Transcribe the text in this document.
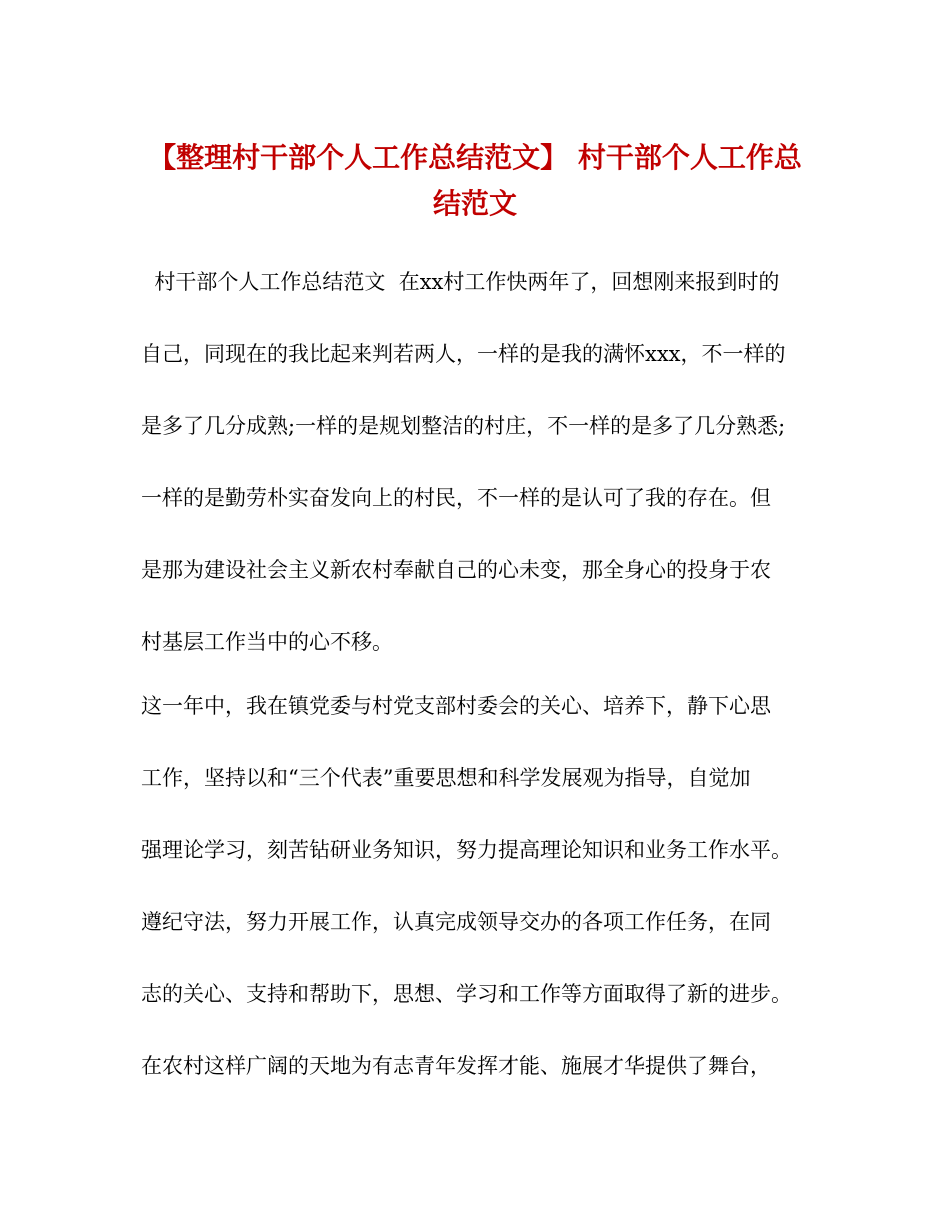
【整理村干部个人工作总结范文】 村干部个人工作总
结范文
村干部个人工作总结范文  在xx村工作快两年了，回想刚来报到时的
自己，同现在的我比起来判若两人，一样的是我的满怀xxx，不一样的
是多了几分成熟;一样的是规划整洁的村庄，不一样的是多了几分熟悉;
一样的是勤劳朴实奋发向上的村民，不一样的是认可了我的存在。但
是那为建设社会主义新农村奉献自己的心未变，那全身心的投身于农
村基层工作当中的心不移。
这一年中，我在镇党委与村党支部村委会的关心、培养下，静下心思
工作，坚持以和“三个代表”重要思想和科学发展观为指导，自觉加
强理论学习，刻苦钻研业务知识，努力提高理论知识和业务工作水平。
遵纪守法，努力开展工作，认真完成领导交办的各项工作任务，在同
志的关心、支持和帮助下，思想、学习和工作等方面取得了新的进步。
在农村这样广阔的天地为有志青年发挥才能、施展才华提供了舞台，
